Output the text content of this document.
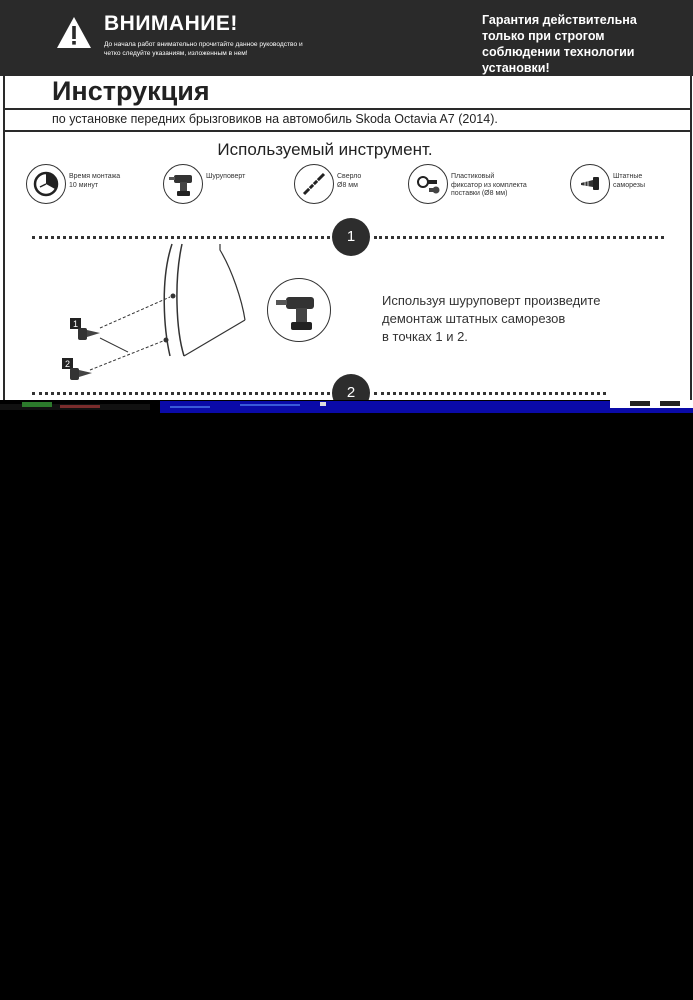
ВНИМАНИЕ!
До начала работ внимательно прочитайте данное руководство и четко следуйте указаниям, изложенным в нем!
Гарантия действительна только при строгом соблюдении технологии установки!
Инструкция
по установке передних брызговиков на автомобиль Skoda Octavia A7 (2014).
Используемый инструмент.
Время монтажа
10 минут
Шуруповерт	Сверло
Ø8 мм
Пластиковый
фиксатор из комплекта
поставки (Ø8 мм)
Штатные
саморезы
1
1
2
Используя шуруповерт произведите демонтаж штатных саморезов
в точках 1 и 2.
2
